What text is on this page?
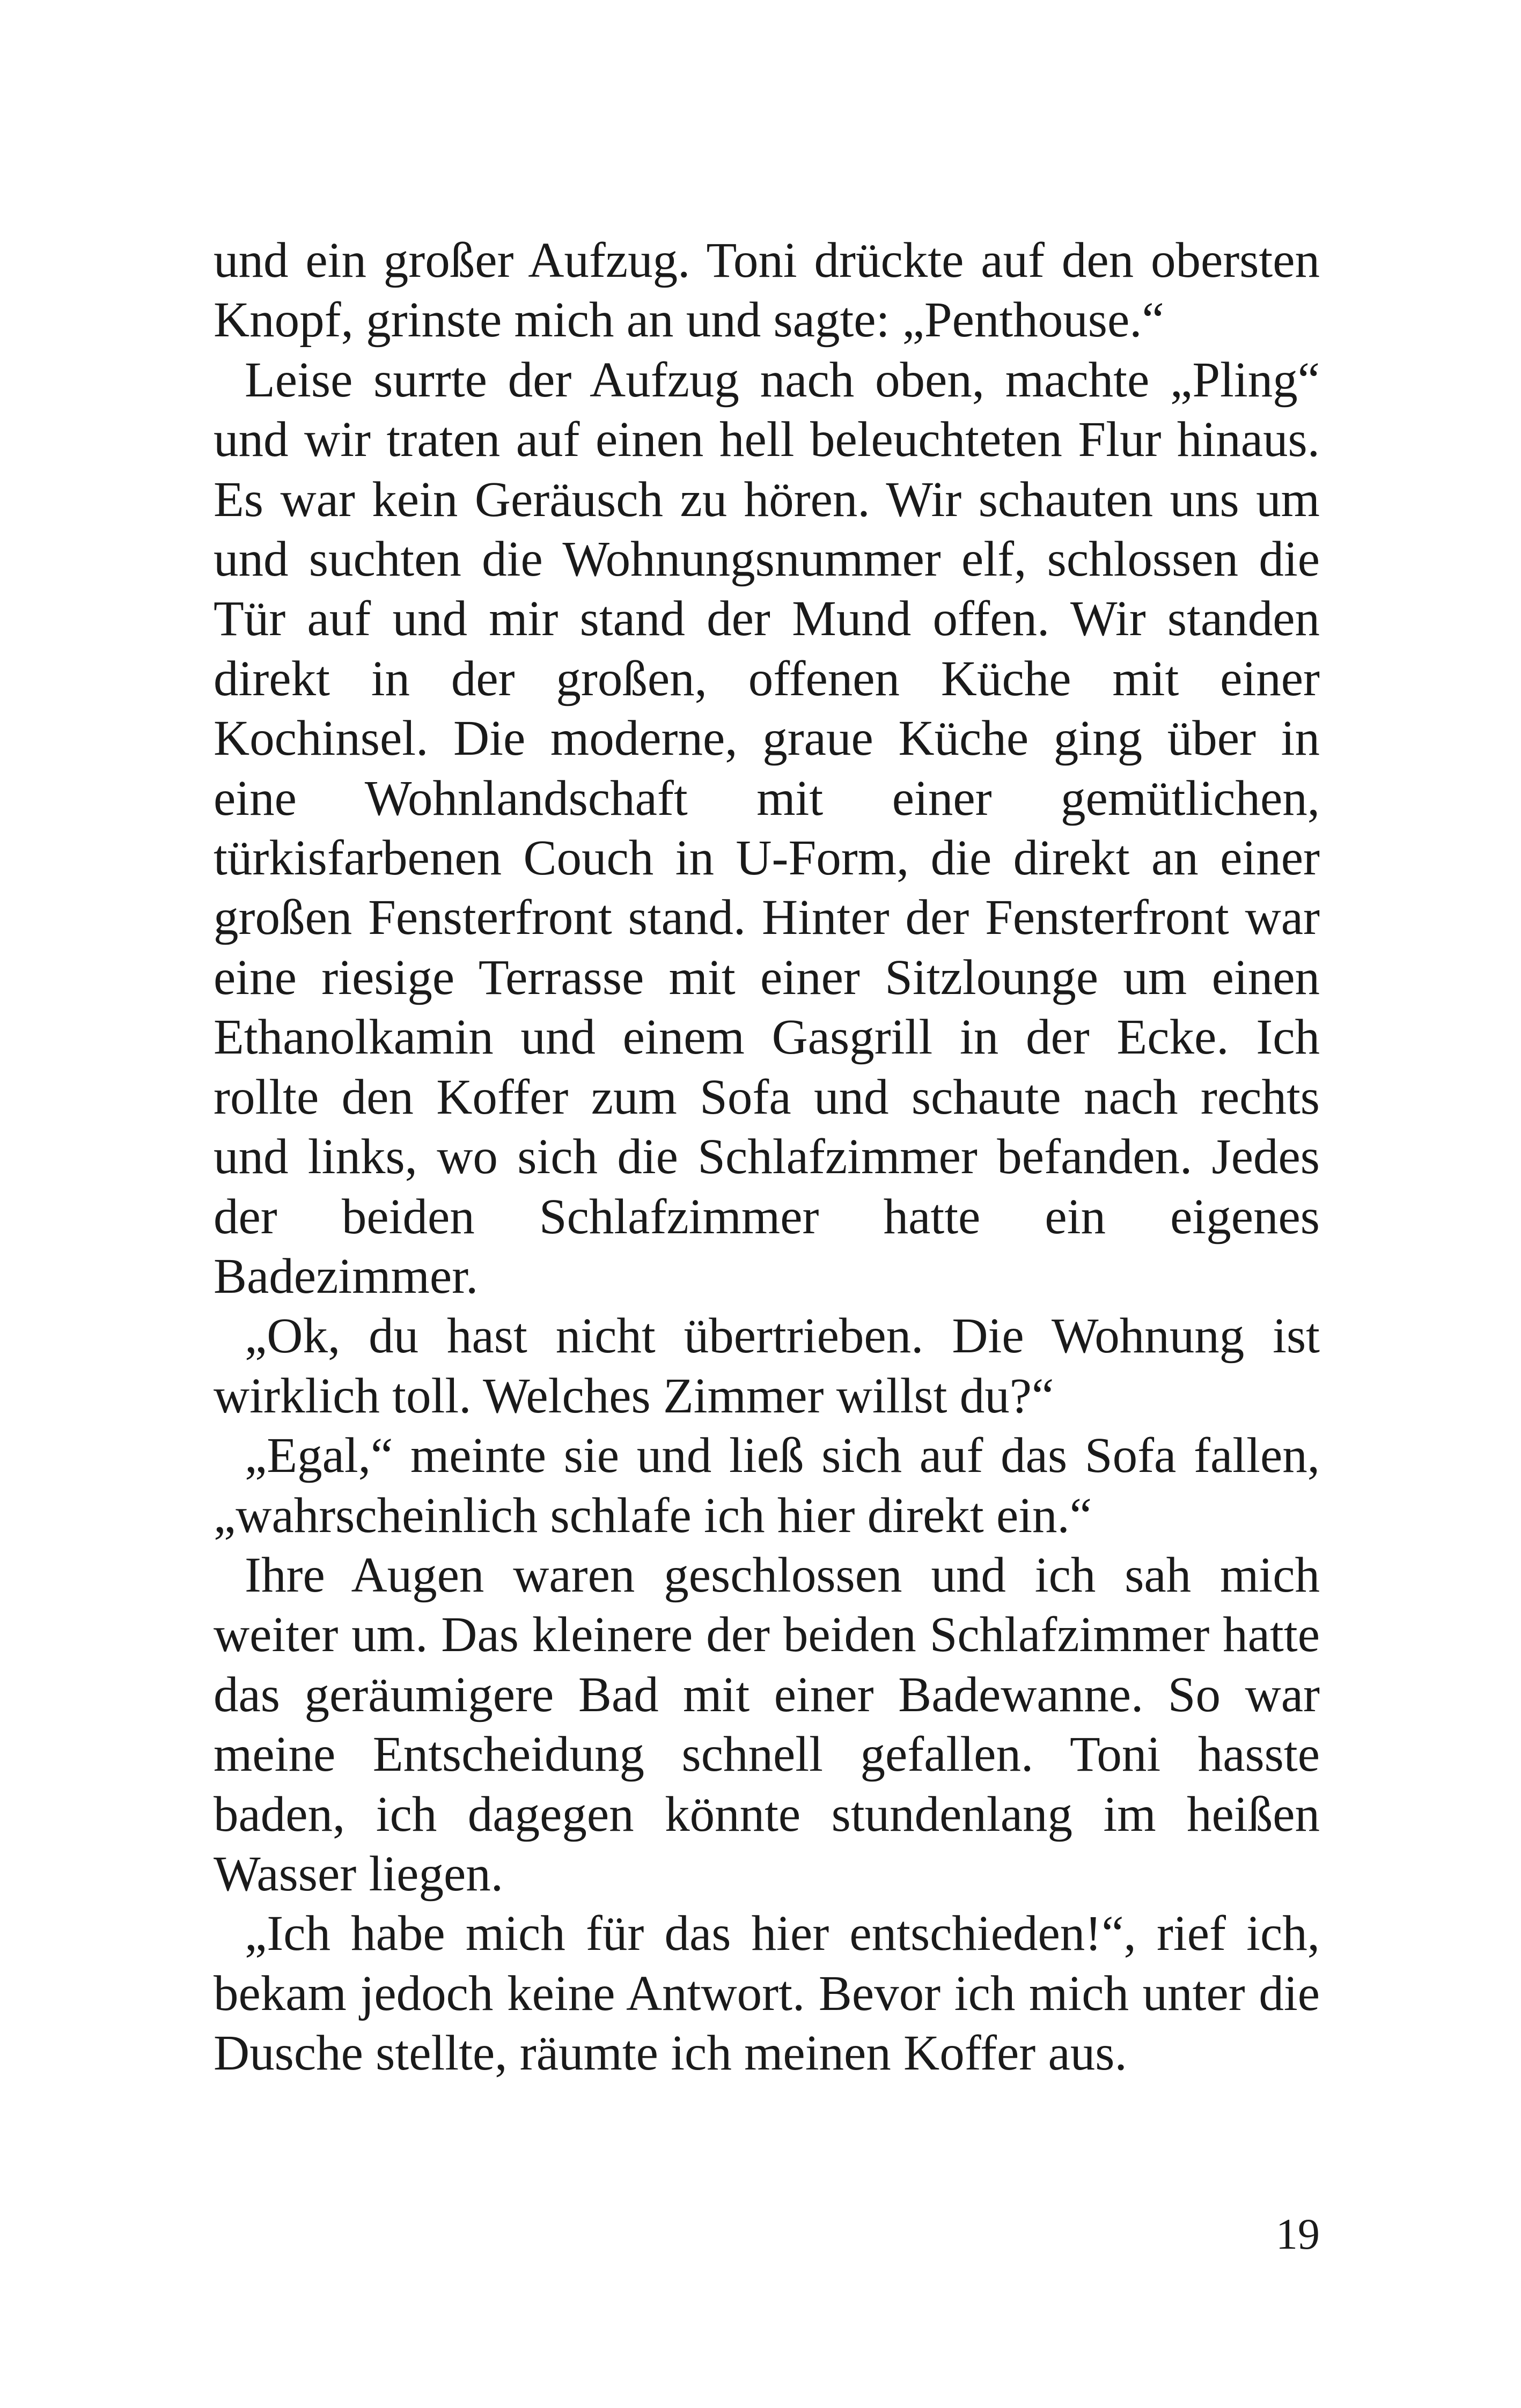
und ein großer Aufzug. Toni drückte auf den obersten Knopf, grinste mich an und sagte: „Penthouse.“

Leise surrte der Aufzug nach oben, machte „Pling“ und wir traten auf einen hell beleuchteten Flur hinaus. Es war kein Geräusch zu hören. Wir schauten uns um und suchten die Wohnungsnummer elf, schlossen die Tür auf und mir stand der Mund offen. Wir standen direkt in der großen, offenen Küche mit einer Kochinsel. Die moderne, graue Küche ging über in eine Wohnlandschaft mit einer gemütlichen, türkisfarbenen Couch in U-Form, die direkt an einer großen Fensterfront stand. Hinter der Fensterfront war eine riesige Terrasse mit einer Sitzlounge um einen Ethanolkamin und einem Gasgrill in der Ecke. Ich rollte den Koffer zum Sofa und schaute nach rechts und links, wo sich die Schlafzimmer befanden. Jedes der beiden Schlafzimmer hatte ein eigenes Badezimmer.

„Ok, du hast nicht übertrieben. Die Wohnung ist wirklich toll. Welches Zimmer willst du?“

„Egal,“ meinte sie und ließ sich auf das Sofa fallen, „wahrscheinlich schlafe ich hier direkt ein.“

Ihre Augen waren geschlossen und ich sah mich weiter um. Das kleinere der beiden Schlafzimmer hatte das geräumigere Bad mit einer Badewanne. So war meine Entscheidung schnell gefallen. Toni hasste baden, ich dagegen könnte stundenlang im heißen Wasser liegen.

„Ich habe mich für das hier entschieden!“, rief ich, bekam jedoch keine Antwort. Bevor ich mich unter die Dusche stellte, räumte ich meinen Koffer aus.

19
